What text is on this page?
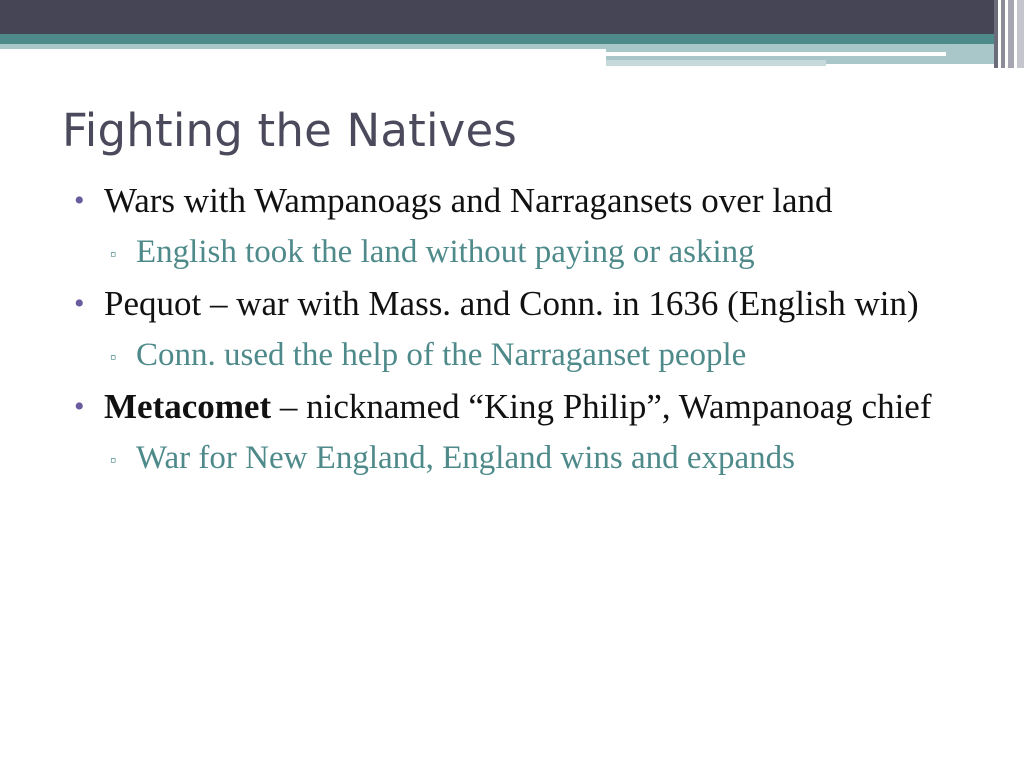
Fighting the Natives
• Wars with Wampanoags and Narragansets over land
▫ English took the land without paying or asking
• Pequot – war with Mass. and Conn. in 1636 (English win)
▫ Conn. used the help of the Narraganset people
• Metacomet – nicknamed “King Philip”, Wampanoag chief
▫ War for New England, England wins and expands
